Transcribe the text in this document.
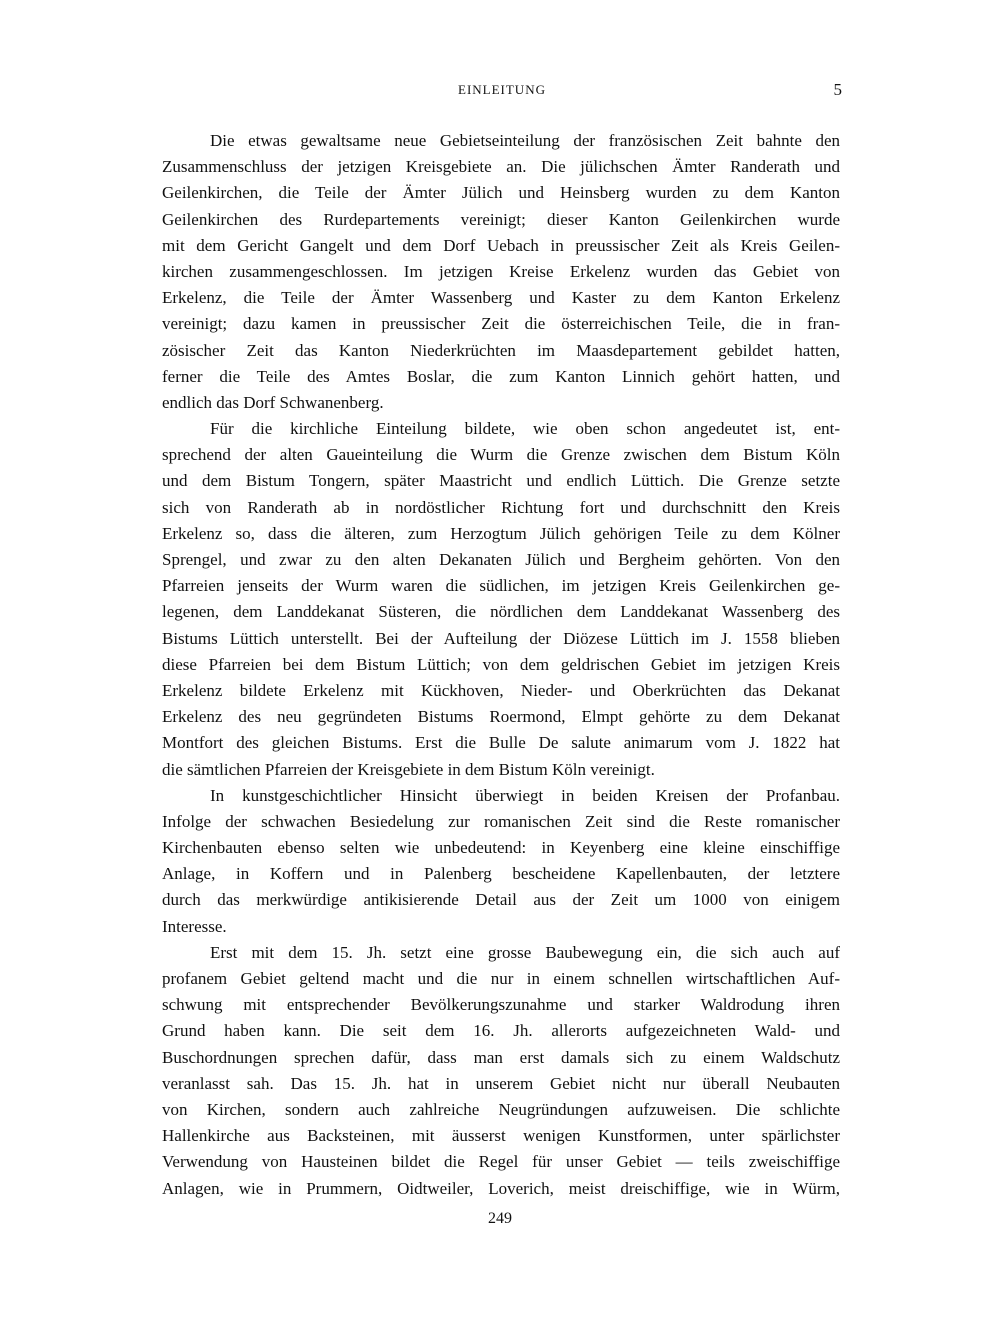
EINLEITUNG	5
Die etwas gewaltsame neue Gebietseinteilung der französischen Zeit bahnte den
Zusammenschluss der jetzigen Kreisgebiete an. Die jülichschen Ämter Randerath und
Geilenkirchen, die Teile der Ämter Jülich und Heinsberg wurden zu dem Kanton
Geilenkirchen des Rurdepartements vereinigt; dieser Kanton Geilenkirchen wurde
mit dem Gericht Gangelt und dem Dorf Uebach in preussischer Zeit als Kreis Geilen-
kirchen zusammengeschlossen. Im jetzigen Kreise Erkelenz wurden das Gebiet von
Erkelenz, die Teile der Ämter Wassenberg und Kaster zu dem Kanton Erkelenz
vereinigt; dazu kamen in preussischer Zeit die österreichischen Teile, die in fran-
zösischer Zeit das Kanton Niederkrüchten im Maasdepartement gebildet hatten,
ferner die Teile des Amtes Boslar, die zum Kanton Linnich gehört hatten, und
endlich das Dorf Schwanenberg.
Für die kirchliche Einteilung bildete, wie oben schon angedeutet ist, ent-
sprechend der alten Gaueinteilung die Wurm die Grenze zwischen dem Bistum Köln
und dem Bistum Tongern, später Maastricht und endlich Lüttich. Die Grenze setzte
sich von Randerath ab in nordöstlicher Richtung fort und durchschnitt den Kreis
Erkelenz so, dass die älteren, zum Herzogtum Jülich gehörigen Teile zu dem Kölner
Sprengel, und zwar zu den alten Dekanaten Jülich und Bergheim gehörten. Von den
Pfarreien jenseits der Wurm waren die südlichen, im jetzigen Kreis Geilenkirchen ge-
legenen, dem Landdekanat Süsteren, die nördlichen dem Landdekanat Wassenberg des
Bistums Lüttich unterstellt. Bei der Aufteilung der Diözese Lüttich im J. 1558 blieben
diese Pfarreien bei dem Bistum Lüttich; von dem geldrischen Gebiet im jetzigen Kreis
Erkelenz bildete Erkelenz mit Kückhoven, Nieder- und Oberkrüchten das Dekanat
Erkelenz des neu gegründeten Bistums Roermond, Elmpt gehörte zu dem Dekanat
Montfort des gleichen Bistums. Erst die Bulle De salute animarum vom J. 1822 hat
die sämtlichen Pfarreien der Kreisgebiete in dem Bistum Köln vereinigt.
In kunstgeschichtlicher Hinsicht überwiegt in beiden Kreisen der Profanbau.
Infolge der schwachen Besiedelung zur romanischen Zeit sind die Reste romanischer
Kirchenbauten ebenso selten wie unbedeutend: in Keyenberg eine kleine einschiffige
Anlage, in Koffern und in Palenberg bescheidene Kapellenbauten, der letztere
durch das merkwürdige antikisierende Detail aus der Zeit um 1000 von einigem
Interesse.
Erst mit dem 15. Jh. setzt eine grosse Baubewegung ein, die sich auch auf
profanem Gebiet geltend macht und die nur in einem schnellen wirtschaftlichen Auf-
schwung mit entsprechender Bevölkerungszunahme und starker Waldrodung ihren
Grund haben kann. Die seit dem 16. Jh. allerorts aufgezeichneten Wald- und
Buschordnungen sprechen dafür, dass man erst damals sich zu einem Waldschutz
veranlasst sah. Das 15. Jh. hat in unserem Gebiet nicht nur überall Neubauten
von Kirchen, sondern auch zahlreiche Neugründungen aufzuweisen. Die schlichte
Hallenkirche aus Backsteinen, mit äusserst wenigen Kunstformen, unter spärlichster
Verwendung von Hausteinen bildet die Regel für unser Gebiet — teils zweischiffige
Anlagen, wie in Prummern, Oidtweiler, Loverich, meist dreischiffige, wie in Würm,
249
